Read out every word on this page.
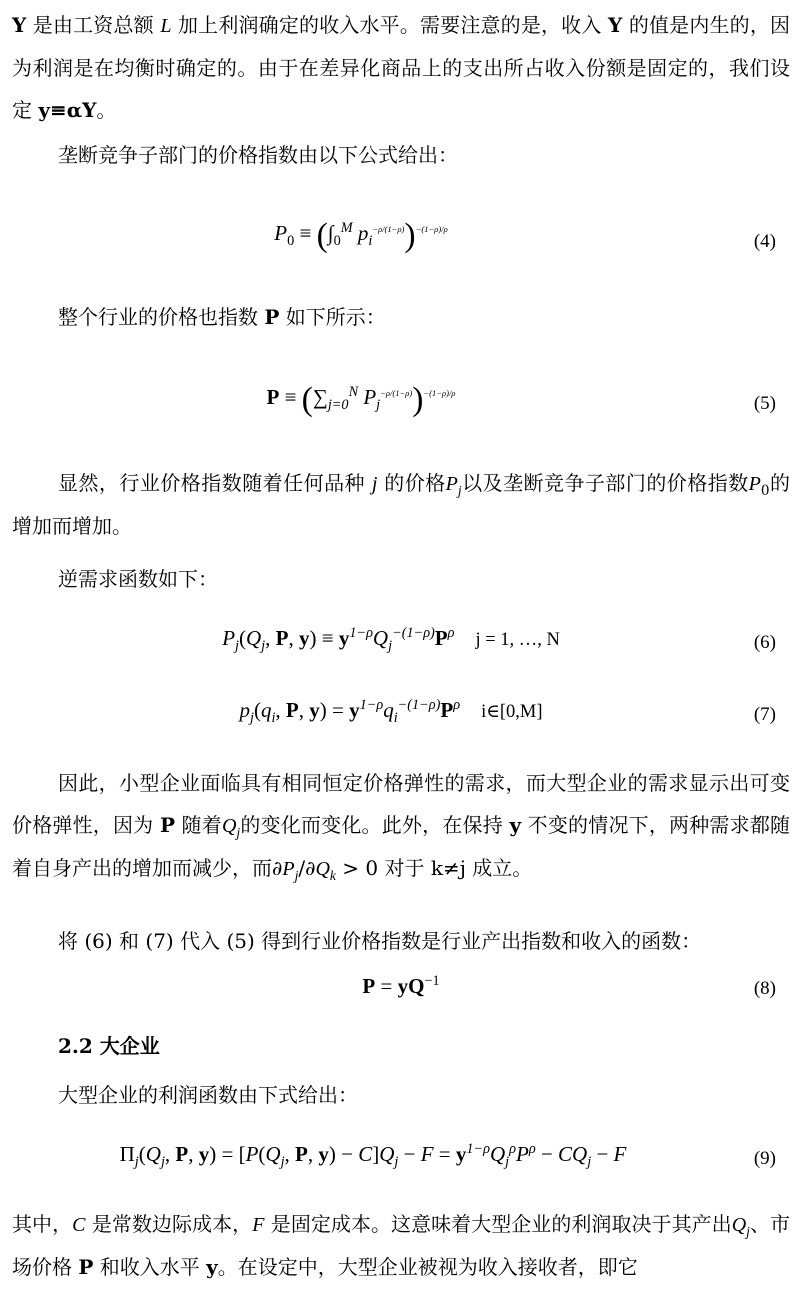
Y 是由工资总额 L 加上利润确定的收入水平。需要注意的是，收入 Y 的值是内生的，因为利润是在均衡时确定的。由于在差异化商品上的支出所占收入份额是固定的，我们设定 y≡αY。

垄断竞争子部门的价格指数由以下公式给出：

$P_0 \equiv (\int_0^M$ $p_i^{-\rho/(1-\rho)})^{-(1-\rho)/\rho}$
(4)

整个行业的价格也指数 P 如下所示：

$P \equiv (\sum_{j=0}^N$ $P_j^{-\rho/(1-\rho)})^{-(1-\rho)/\rho}$
(5)

显然，行业价格指数随着任何品种 j 的价格$P_j$以及垄断竞争子部门的价格指数$P_0$的增加而增加。

逆需求函数如下：

$P_j(Q_j$, P, $y) \equiv y^{1-\rho}Q_j^{-(1-\rho)}P^\rho$ j = 1, …, N	(6)
$p_j(q_i$, P, $y) = y^{1-\rho}q_i^{-(1-\rho)}P^\rho$ i∈[0,M]	(7)

因此，小型企业面临具有相同恒定价格弹性的需求，而大型企业的需求显示出可变价格弹性，因为 P 随着$Q_j$的变化而变化。此外，在保持 y 不变的情况下，两种需求都随着自身产出的增加而减少，而$\partial P_j/\partial Q_k > 0$ 对于 k≠j 成立。

将 (6) 和 (7) 代入 (5) 得到行业价格指数是行业产出指数和收入的函数：

$P = yQ^{-1}$	(8)
2.2 大企业

大型企业的利润函数由下式给出：

$\Pi_j(Q_j$, P, $y) = [P(Q_j$, P, $y) - C]Q_j - F = y^{1-\rho}Q_j^\rho P^\rho - CQ_j - F$	(9)

其中，C 是常数边际成本，F 是固定成本。这意味着大型企业的利润取决于其产出$Q_j$、市场价格 P 和收入水平 y。在设定中，大型企业被视为收入接收者，即它
